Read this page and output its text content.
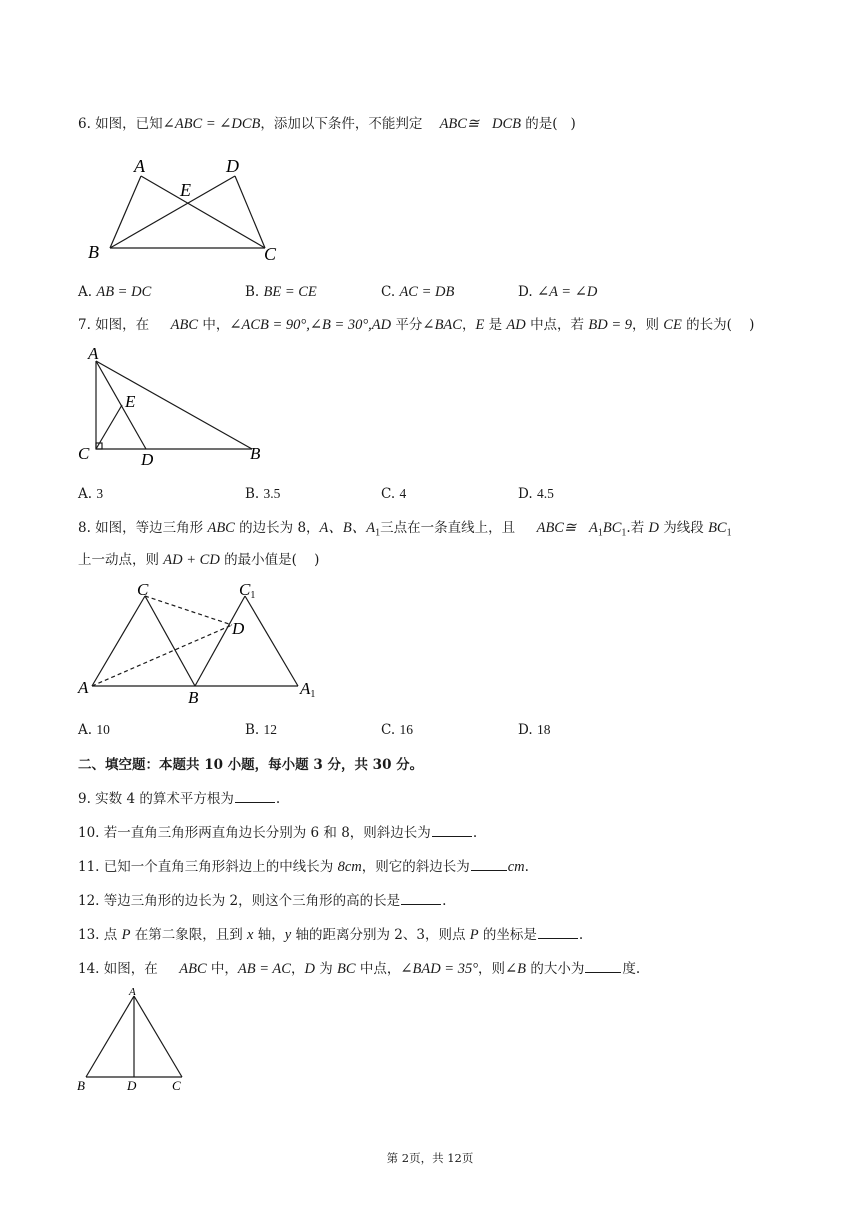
6. 如图，已知∠ABC = ∠DCB，添加以下条件，不能判定 ABC≅ DCB 的是( )
A	D
E
B	C
A. AB = DC	B. BE = CE	C. AC = DB	D. ∠A = ∠D
7. 如图，在 ABC 中，∠ACB = 90°,∠B = 30°,AD 平分∠BAC，E 是 AD 中点，若 BD = 9，则 CE 的长为( )
A
E
C	D	B
A. 3	B. 3.5	C. 4	D. 4.5
8. 如图，等边三角形 ABC 的边长为 8，A、B、$A_1$三点在一条直线上，且 ABC≅ $A_1BC_1$.若 D 为线段 $BC_1$
上一动点，则 AD + CD 的最小值是( )
C	C1
D
A
B	A1
A. 10	B. 12	C. 16	D. 18
二、填空题：本题共 10 小题，每小题 3 分，共 30 分。
9. 实数 4 的算术平方根为	.
10. 若一直角三角形两直角边长分别为 6 和 8，则斜边长为	.
11. 已知一个直角三角形斜边上的中线长为 8cm，则它的斜边长为	cm.
12. 等边三角形的边长为 2，则这个三角形的高的长是	.
13. 点 P 在第二象限，且到 x 轴，y 轴的距离分别为 2、3，则点 P 的坐标是	.
14. 如图，在 ABC 中，AB = AC，D 为 BC 中点，∠BAD = 35°，则∠B 的大小为	度.
A
B	D	C
第 2页，共 12页
